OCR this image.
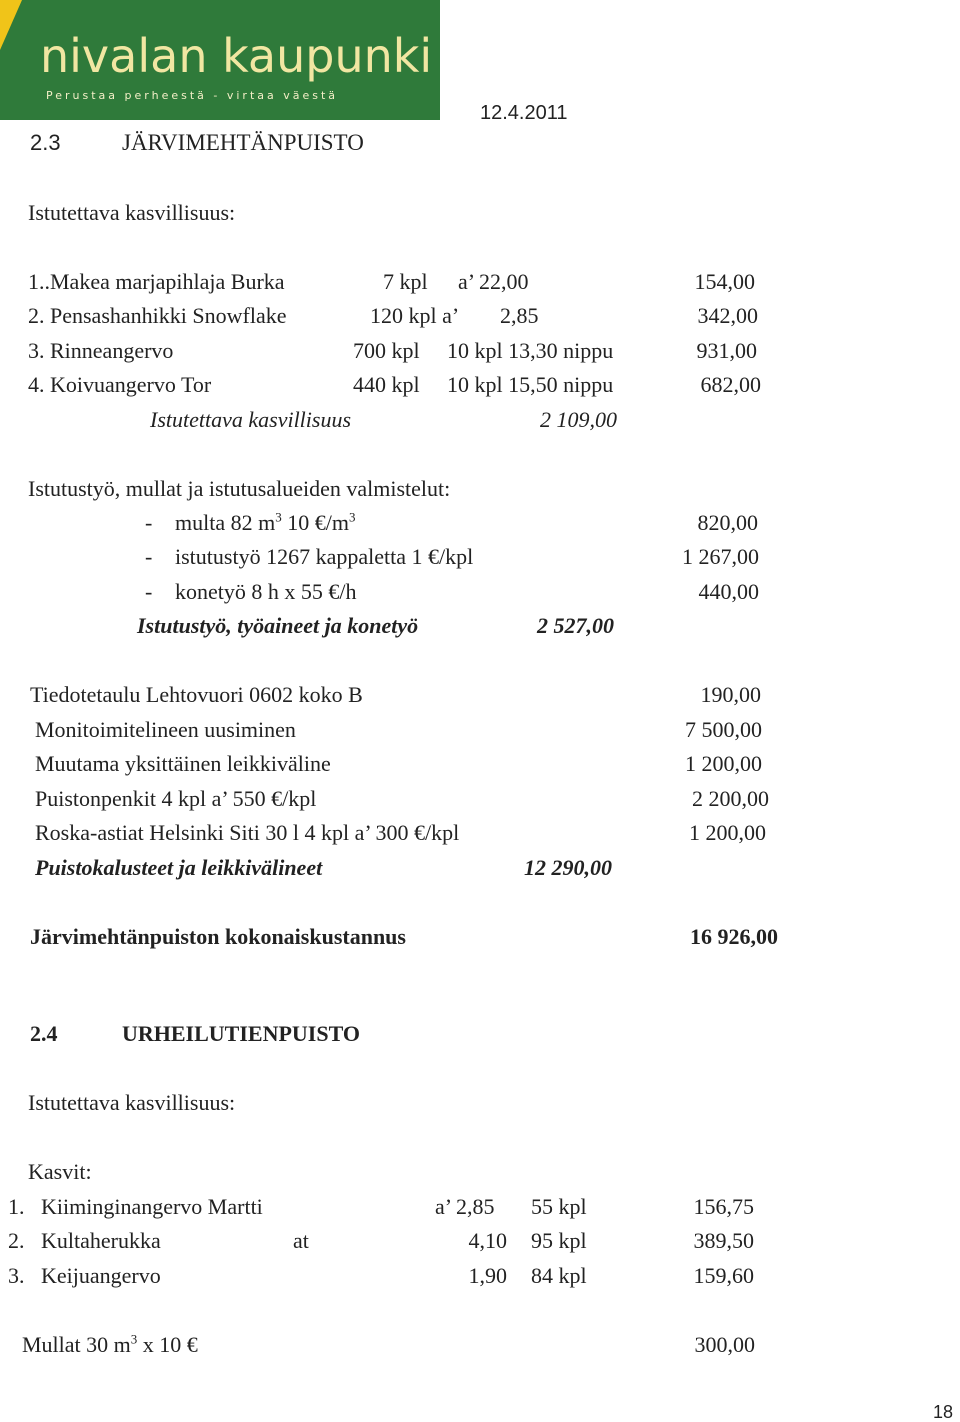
nivalan kaupunki
Perustaa perheestä - virtaa väestä
12.4.2011
2.3	JÄRVIMEHTÄNPUISTO
Istutettava kasvillisuus:
1..Makea marjapihlaja Burka	7 kpl a’ 22,00	154,00
2. Pensashanhikki Snowflake	120 kpl a’ 2,85	342,00
3. Rinneangervo	700 kpl 10 kpl 13,30 nippu	931,00
4. Koivuangervo Tor	440 kpl 10 kpl 15,50 nippu	682,00
Istutettava kasvillisuus	2 109,00
Istutustyö, mullat ja istutusalueiden valmistelut:
- multa 82 $m^3$ 10 $€/m^3$	820,00
- istutustyö 1267 kappaletta 1 €/kpl	1 267,00
- konetyö 8 h x 55 €/h	440,00
Istutustyö, työaineet ja konetyö	2 527,00
Tiedotetaulu Lehtovuori 0602 koko B	190,00
Monitoimitelineen uusiminen	7 500,00
Muutama yksittäinen leikkiväline	1 200,00
Puistonpenkit 4 kpl a’ 550 €/kpl	2 200,00
Roska-astiat Helsinki Siti 30 l 4 kpl a’ 300 €/kpl	1 200,00
Puistokalusteet ja leikkivälineet	12 290,00
Järvimehtänpuiston kokonaiskustannus	16 926,00
2.4	URHEILUTIENPUISTO
Istutettava kasvillisuus:
Kasvit:
1. Kiiminginangervo Martti	a’ 2,85 55 kpl	156,75
2. Kultaherukka	at	4,10 95 kpl	389,50
3. Keijuangervo	1,90 84 kpl	159,60
Mullat 30 $m^3$ x 10 €	300,00
18
